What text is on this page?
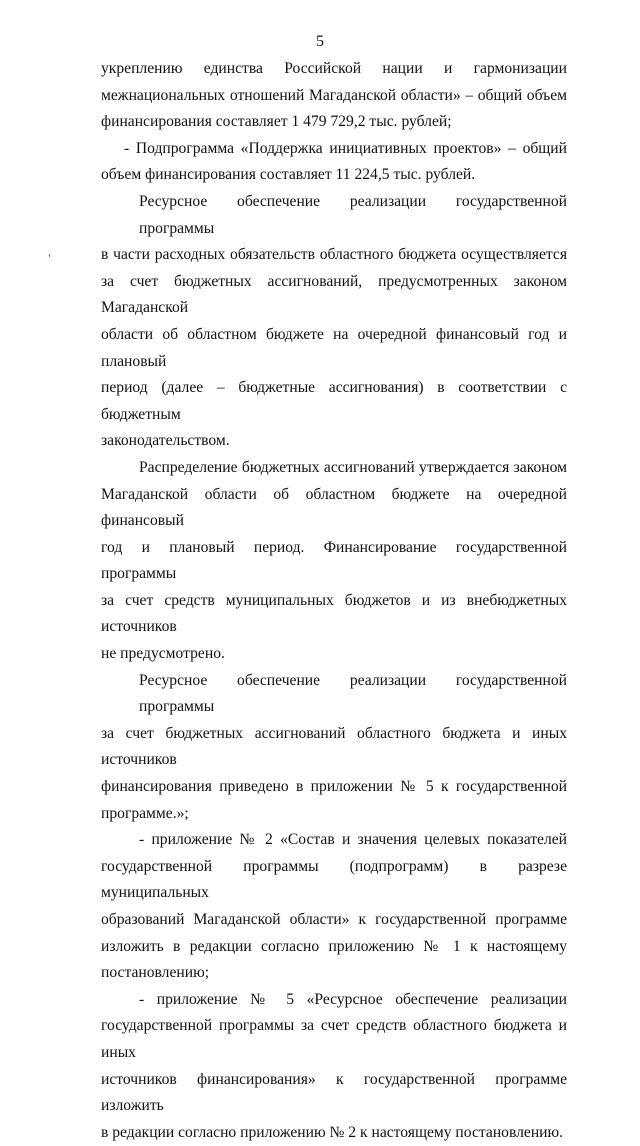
5

укреплению единства Российской нации и гармонизации
межнациональных отношений Магаданской области» – общий объем
финансирования составляет 1 479 729,2 тыс. рублей;

- Подпрограмма «Поддержка инициативных проектов» – общий
объем финансирования составляет 11 224,5 тыс. рублей.

Ресурсное обеспечение реализации государственной программы
в части расходных обязательств областного бюджета осуществляется
за счет бюджетных ассигнований, предусмотренных законом Магаданской
области об областном бюджете на очередной финансовый год и плановый
период (далее – бюджетные ассигнования) в соответствии с бюджетным
законодательством.

Распределение бюджетных ассигнований утверждается законом
Магаданской области об областном бюджете на очередной финансовый
год и плановый период. Финансирование государственной программы
за счет средств муниципальных бюджетов и из внебюджетных источников
не предусмотрено.

Ресурсное обеспечение реализации государственной программы
за счет бюджетных ассигнований областного бюджета и иных источников
финансирования приведено в приложении № 5 к государственной
программе.»;

- приложение № 2 «Состав и значения целевых показателей
государственной программы (подпрограмм) в разрезе муниципальных
образований Магаданской области» к государственной программе
изложить в редакции согласно приложению № 1 к настоящему
постановлению;

- приложение № 5 «Ресурсное обеспечение реализации
государственной программы за счет средств областного бюджета и иных
источников финансирования» к государственной программе изложить
в редакции согласно приложению № 2 к настоящему постановлению.
